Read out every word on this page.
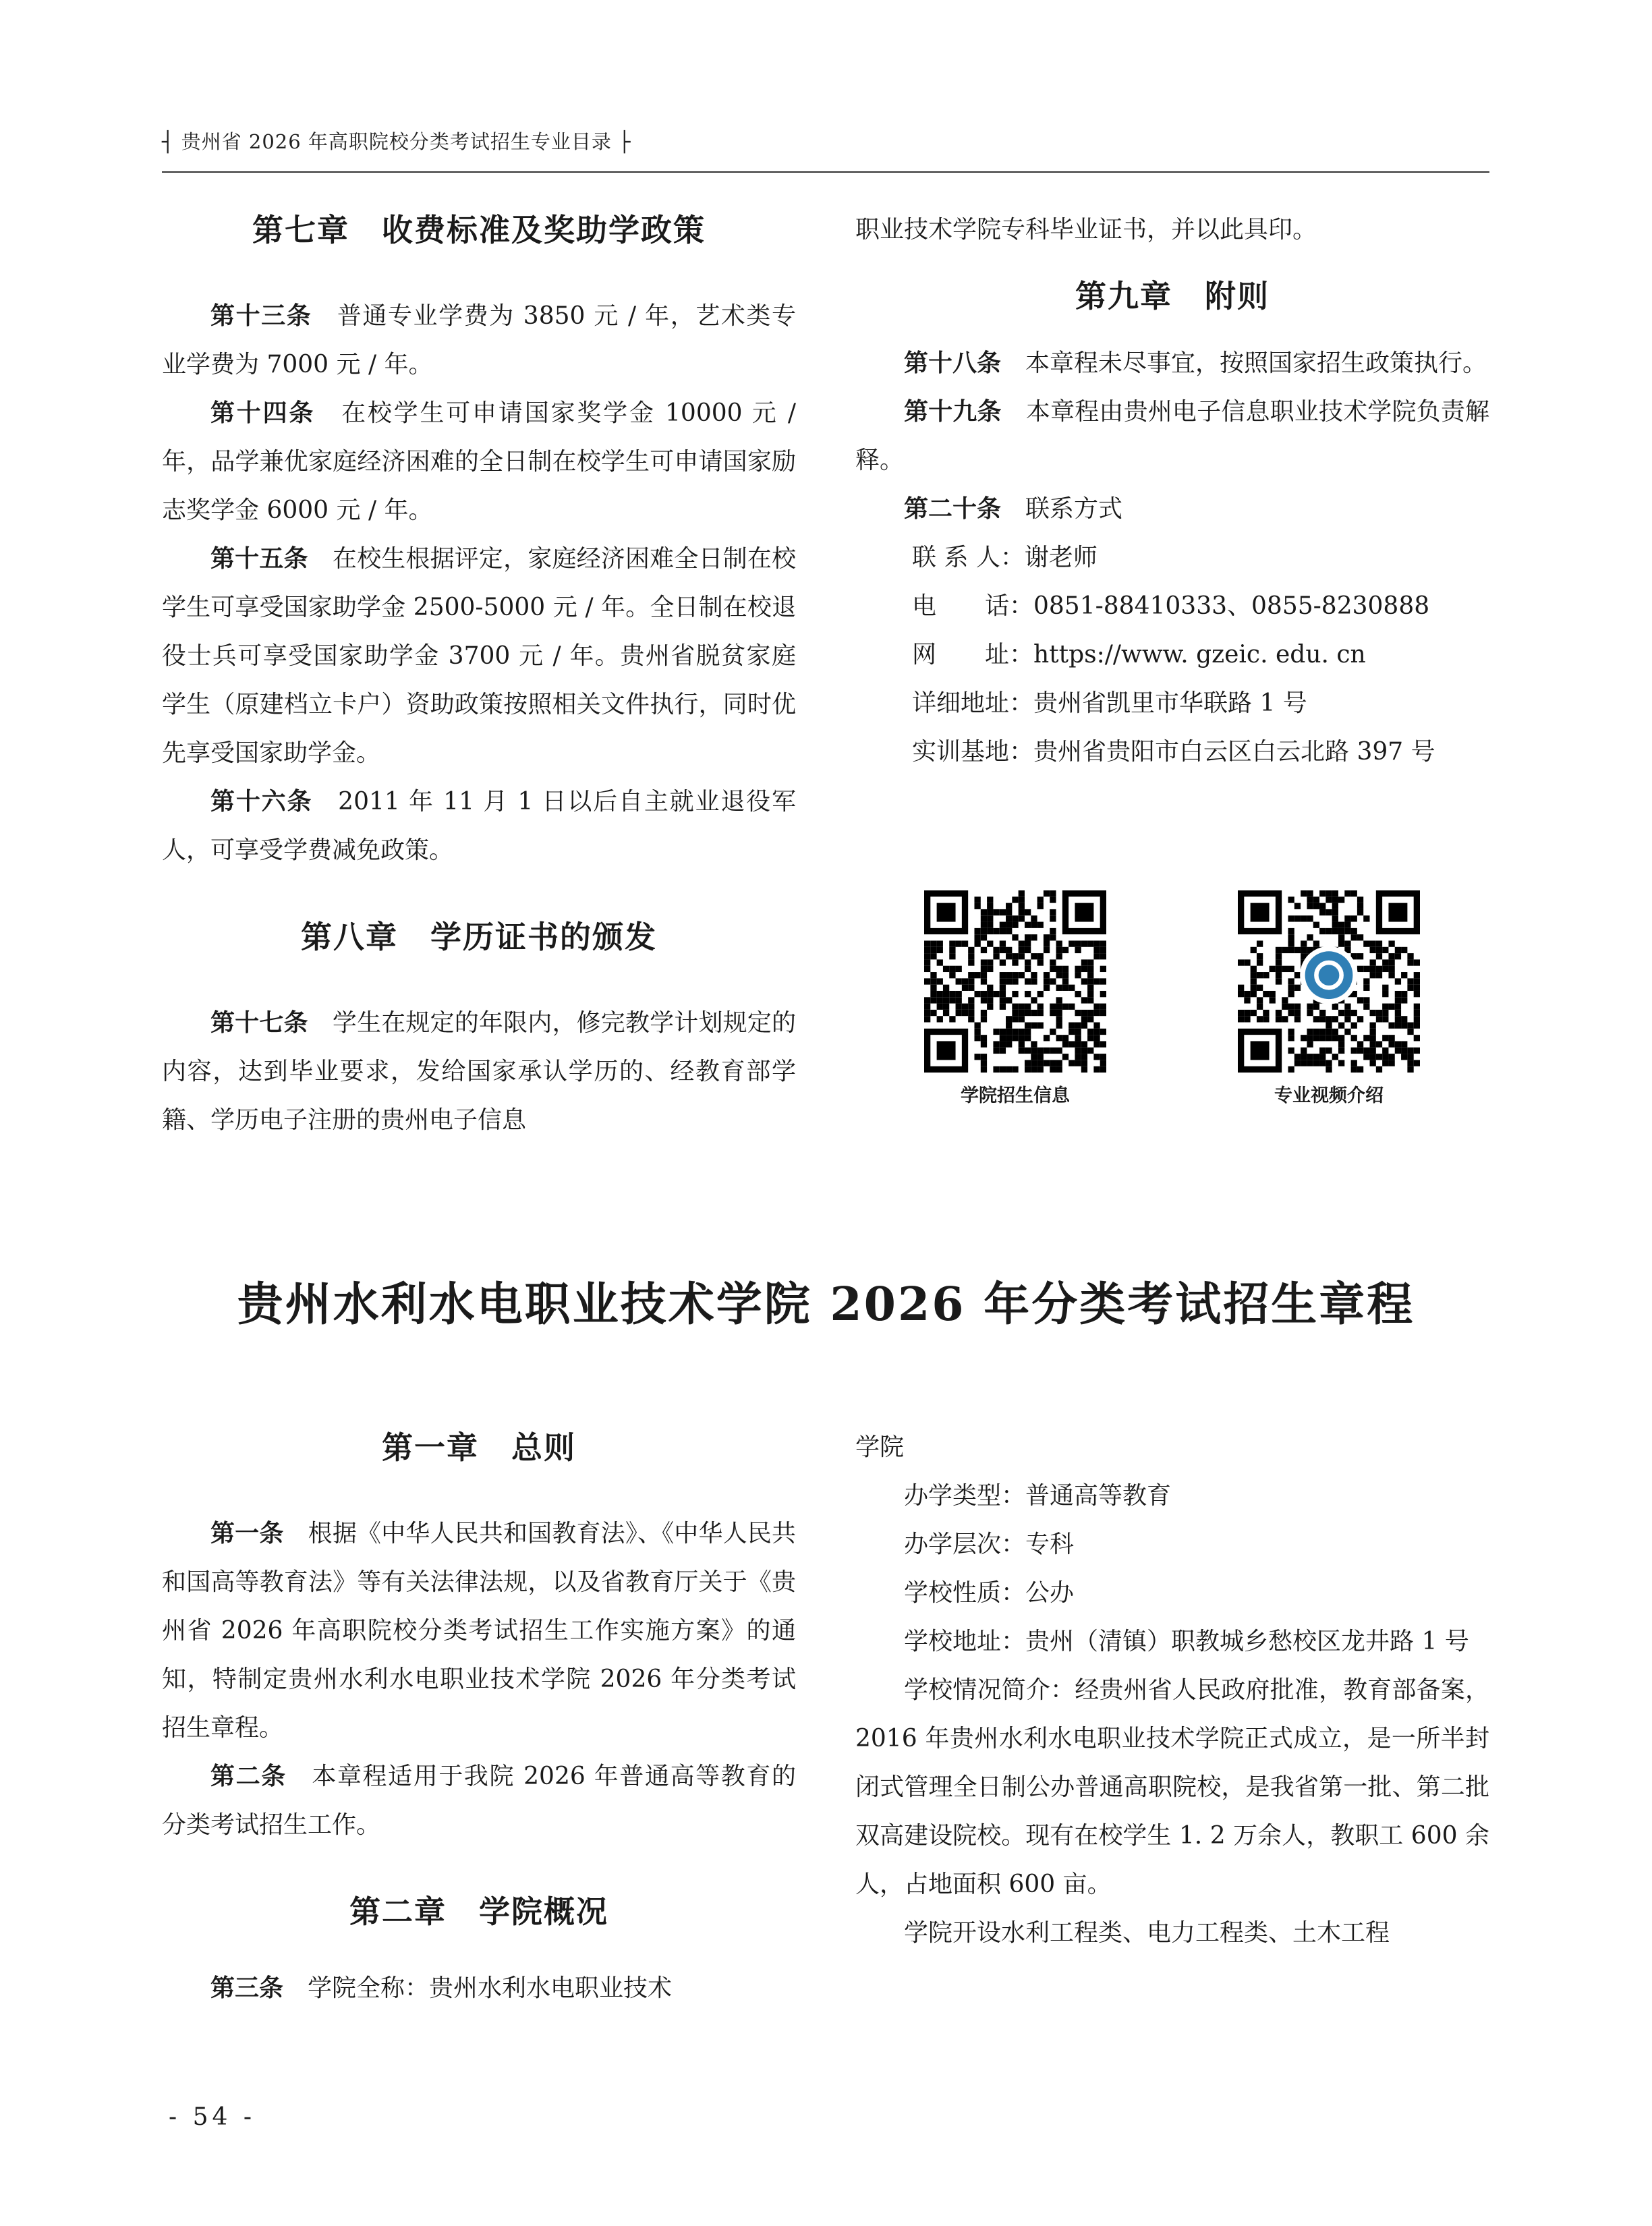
┤ 贵州省 2026 年高职院校分类考试招生专业目录 ├

第七章　收费标准及奖助学政策

第十三条　 普通专业学费为 3850 元 / 年，艺术类专业学费为 7000 元 / 年。

第十四条　 在校学生可申请国家奖学金 10000 元 / 年，品学兼优家庭经济困难的全日制在校学生可申请国家励志奖学金 6000 元 / 年。

第十五条　 在校生根据评定，家庭经济困难全日制在校学生可享受国家助学金 2500-5000 元 / 年。全日制在校退役士兵可享受国家助学金 3700 元 / 年。贵州省脱贫家庭学生（原建档立卡户）资助政策按照相关文件执行，同时优先享受国家助学金。

第十六条　 2011 年 11 月 1 日以后自主就业退役军人，可享受学费减免政策。

第八章　学历证书的颁发

第十七条　 学生在规定的年限内，修完教学计划规定的内容，达到毕业要求，发给国家承认学历的、经教育部学籍、学历电子注册的贵州电子信息

职业技术学院专科毕业证书，并以此具印。

第九章　附则

第十八条　 本章程未尽事宜，按照国家招生政策执行。

第十九条　 本章程由贵州电子信息职业技术学院负责解释。

第二十条　 联系方式

联 系 人：谢老师
电　　话：0851-88410333、0855-8230888
网　　址：https://www. gzeic. edu. cn
详细地址：贵州省凯里市华联路 1 号
实训基地：贵州省贵阳市白云区白云北路 397 号
学院招生信息	专业视频介绍
贵州水利水电职业技术学院 2026 年分类考试招生章程

第一章　总则

第一条　 根据《中华人民共和国教育法》、《中华人民共和国高等教育法》等有关法律法规，以及省教育厅关于《贵州省 2026 年高职院校分类考试招生工作实施方案》的通知，特制定贵州水利水电职业技术学院 2026 年分类考试招生章程。

第二条　 本章程适用于我院 2026 年普通高等教育的分类考试招生工作。

第二章　学院概况

第三条　 学院全称：贵州水利水电职业技术

学院

办学类型：普通高等教育

办学层次：专科

学校性质：公办

学校地址：贵州（清镇）职教城乡愁校区龙井路 1 号

学校情况简介：经贵州省人民政府批准，教育部备案，2016 年贵州水利水电职业技术学院正式成立，是一所半封闭式管理全日制公办普通高职院校，是我省第一批、第二批双高建设院校。现有在校学生 1. 2 万余人，教职工 600 余人，占地面积 600 亩。

学院开设水利工程类、电力工程类、土木工程

- 54 -
